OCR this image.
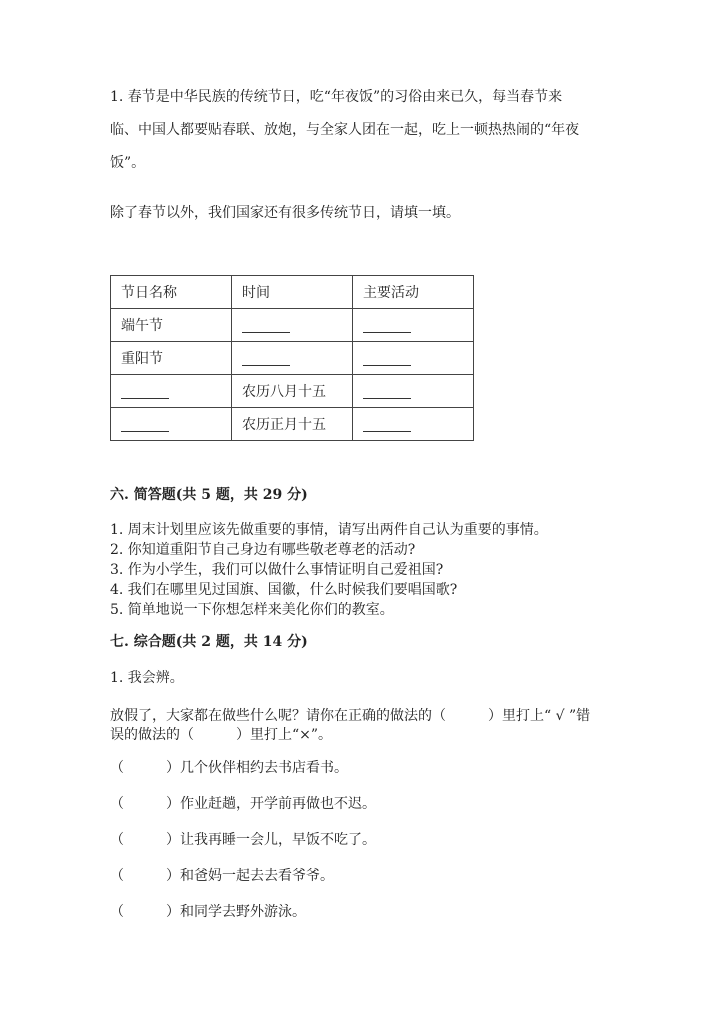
1. 春节是中华民族的传统节日，吃“年夜饭”的习俗由来已久，每当春节来
临、中国人都要贴春联、放炮，与全家人团在一起，吃上一顿热热闹的“年夜
饭”。
除了春节以外，我们国家还有很多传统节日，请填一填。
节日名称	时间	主要活动
端午节		
重阳节		
	农历八月十五	
	农历正月十五	
六. 简答题(共 5 题，共 29 分)
1. 周末计划里应该先做重要的事情，请写出两件自己认为重要的事情。
2. 你知道重阳节自己身边有哪些敬老尊老的活动?
3. 作为小学生，我们可以做什么事情证明自己爱祖国?
4. 我们在哪里见过国旗、国徽，什么时候我们要唱国歌?
5. 简单地说一下你想怎样来美化你们的教室。
七. 综合题(共 2 题，共 14 分)
1. 我会辨。
放假了，大家都在做些什么呢？请你在正确的做法的（　　　）里打上“ √ ”错
误的做法的（　　　）里打上“×”。
（　　　）几个伙伴相约去书店看书。
（　　　）作业赶趟，开学前再做也不迟。
（　　　）让我再睡一会儿，早饭不吃了。
（　　　）和爸妈一起去去看爷爷。
（　　　）和同学去野外游泳。
